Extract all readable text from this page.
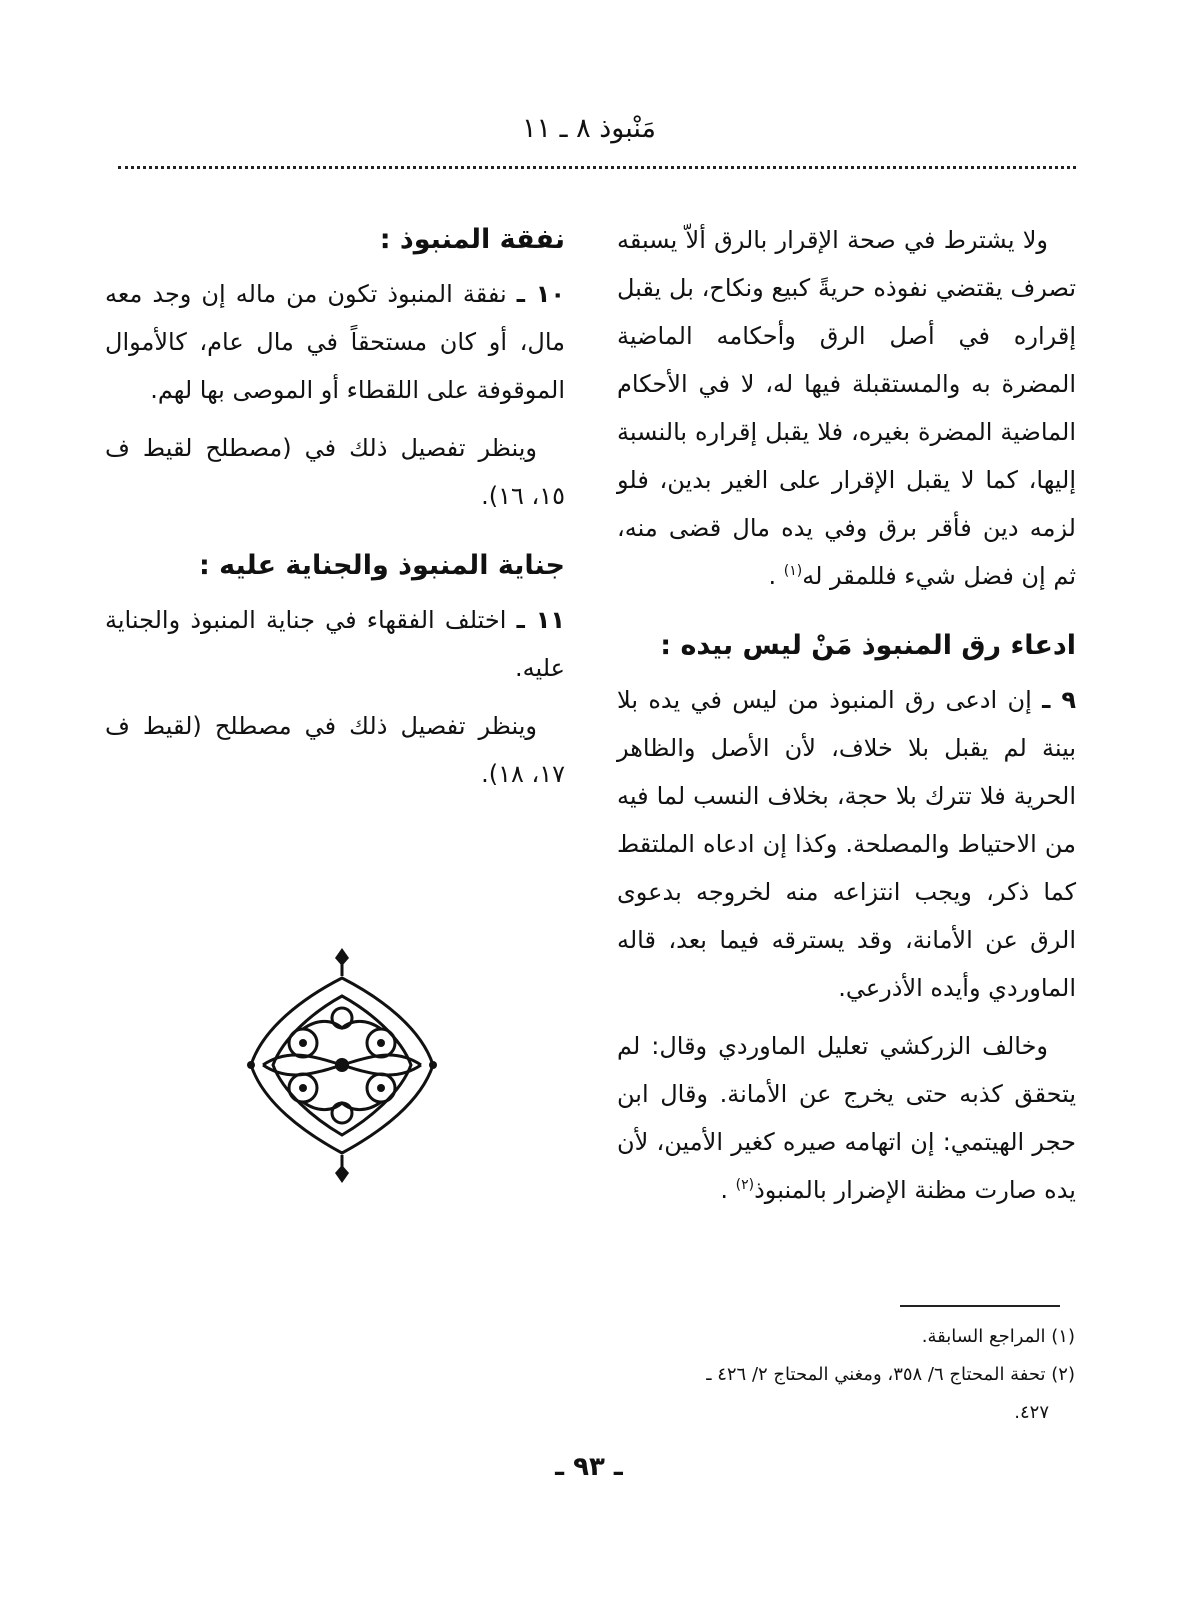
مَنْبوذ ٨ ـ ١١

ولا يشترط في صحة الإقرار بالرق ألاّ يسبقه تصرف يقتضي نفوذه حريةً كبيع ونكاح، بل يقبل إقراره في أصل الرق وأحكامه الماضية المضرة به والمستقبلة فيها له، لا في الأحكام الماضية المضرة بغيره، فلا يقبل إقراره بالنسبة إليها، كما لا يقبل الإقرار على الغير بدين، فلو لزمه دين فأقر برق وفي يده مال قضى منه، ثم إن فضل شيء فللمقر له$^{(١)}$ .

ادعاء رق المنبوذ مَنْ ليس بيده :

٩ ـ إن ادعى رق المنبوذ من ليس في يده بلا بينة لم يقبل بلا خلاف، لأن الأصل والظاهر الحرية فلا تترك بلا حجة، بخلاف النسب لما فيه من الاحتياط والمصلحة. وكذا إن ادعاه الملتقط كما ذكر، ويجب انتزاعه منه لخروجه بدعوى الرق عن الأمانة، وقد يسترقه فيما بعد، قاله الماوردي وأيده الأذرعي.

وخالف الزركشي تعليل الماوردي وقال: لم يتحقق كذبه حتى يخرج عن الأمانة. وقال ابن حجر الهيتمي: إن اتهامه صيره كغير الأمين، لأن يده صارت مظنة الإضرار بالمنبوذ$^{(٢)}$ .

نفقة المنبوذ :

١٠ ـ نفقة المنبوذ تكون من ماله إن وجد معه مال، أو كان مستحقاً في مال عام، كالأموال الموقوفة على اللقطاء أو الموصى بها لهم.

وينظر تفصيل ذلك في (مصطلح لقيط ف ١٥، ١٦).

جناية المنبوذ والجناية عليه :

١١ ـ اختلف الفقهاء في جناية المنبوذ والجناية عليه.

وينظر تفصيل ذلك في مصطلح (لقيط ف ١٧، ١٨).

(١) المراجع السابقة.
(٢) تحفة المحتاج ٦/ ٣٥٨، ومغني المحتاج ٢/ ٤٢٦ ـ
٤٢٧.
ـ ٩٣ ـ
